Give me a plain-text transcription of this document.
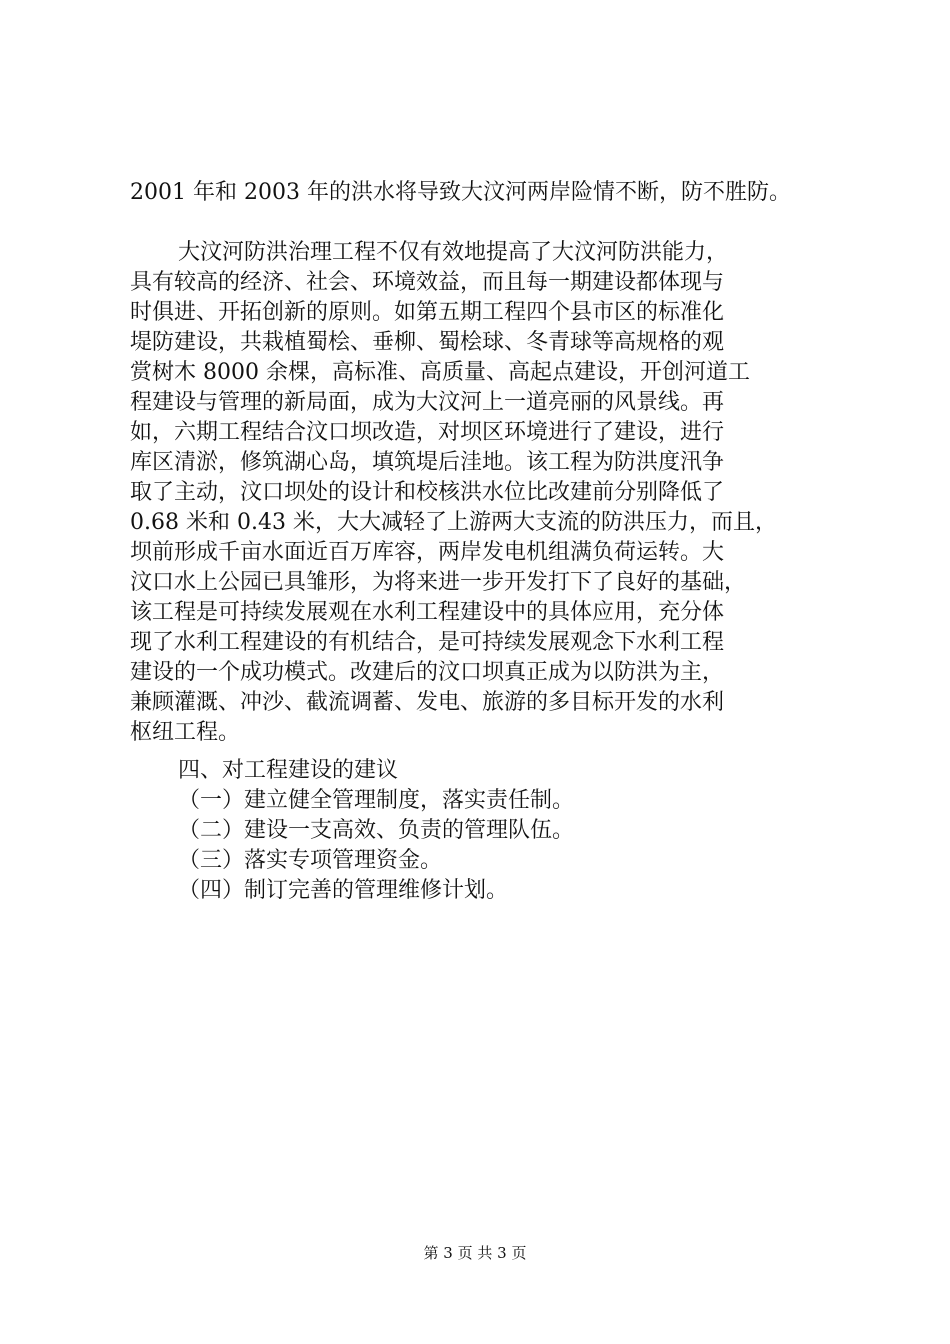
2001 年和 2003 年的洪水将导致大汶河两岸险情不断，防不胜防。
大汶河防洪治理工程不仅有效地提高了大汶河防洪能力，
具有较高的经济、社会、环境效益，而且每一期建设都体现与
时俱进、开拓创新的原则。如第五期工程四个县市区的标准化
堤防建设，共栽植蜀桧、垂柳、蜀桧球、冬青球等高规格的观
赏树木 8000 余棵，高标准、高质量、高起点建设，开创河道工
程建设与管理的新局面，成为大汶河上一道亮丽的风景线。再
如，六期工程结合汶口坝改造，对坝区环境进行了建设，进行
库区清淤，修筑湖心岛，填筑堤后洼地。该工程为防洪度汛争
取了主动，汶口坝处的设计和校核洪水位比改建前分别降低了
0.68 米和 0.43 米，大大减轻了上游两大支流的防洪压力，而且，
坝前形成千亩水面近百万库容，两岸发电机组满负荷运转。大
汶口水上公园已具雏形，为将来进一步开发打下了良好的基础，
该工程是可持续发展观在水利工程建设中的具体应用，充分体
现了水利工程建设的有机结合，是可持续发展观念下水利工程
建设的一个成功模式。改建后的汶口坝真正成为以防洪为主，
兼顾灌溉、冲沙、截流调蓄、发电、旅游的多目标开发的水利
枢纽工程。
四、对工程建设的建议
（一）建立健全管理制度，落实责任制。
（二）建设一支高效、负责的管理队伍。
（三）落实专项管理资金。
（四）制订完善的管理维修计划。
第 3 页 共 3 页
